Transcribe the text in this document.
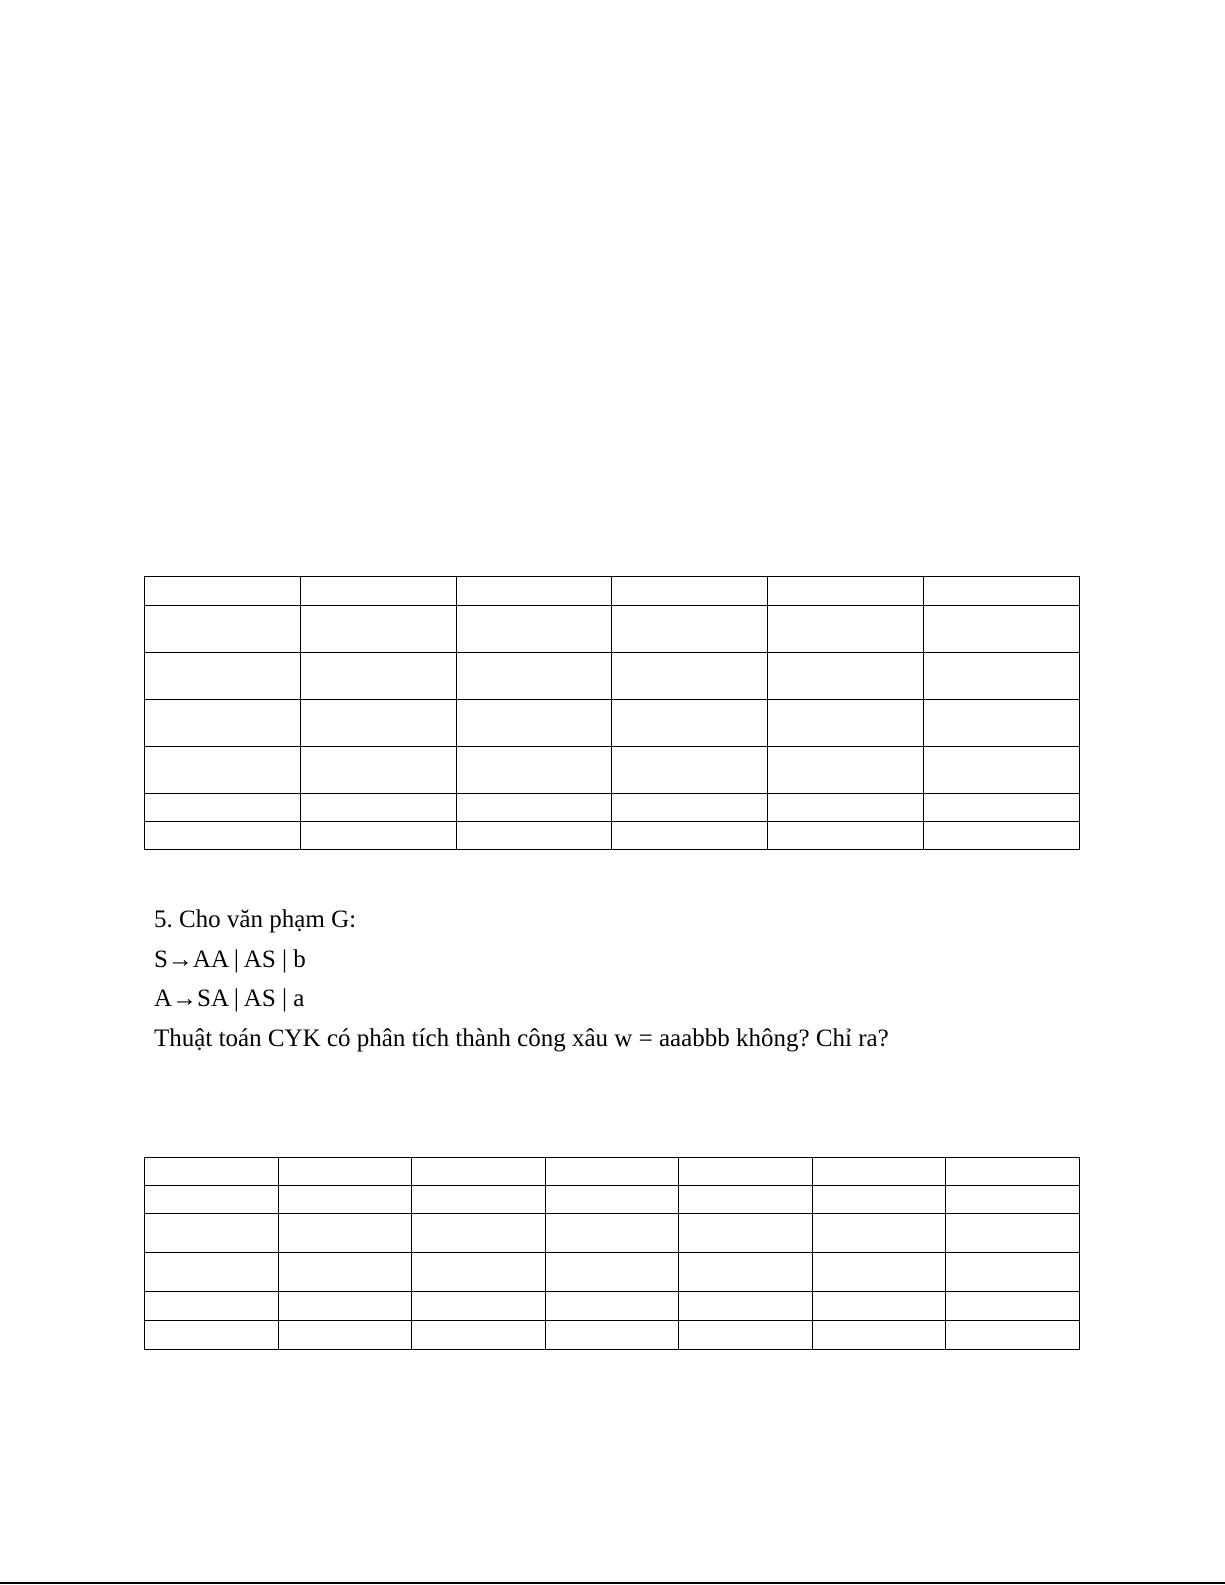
5. Cho văn phạm G:

S→AA | AS | b

A→SA | AS | a

Thuật toán CYK có phân tích thành công xâu w = aaabbb không? Chỉ ra?
